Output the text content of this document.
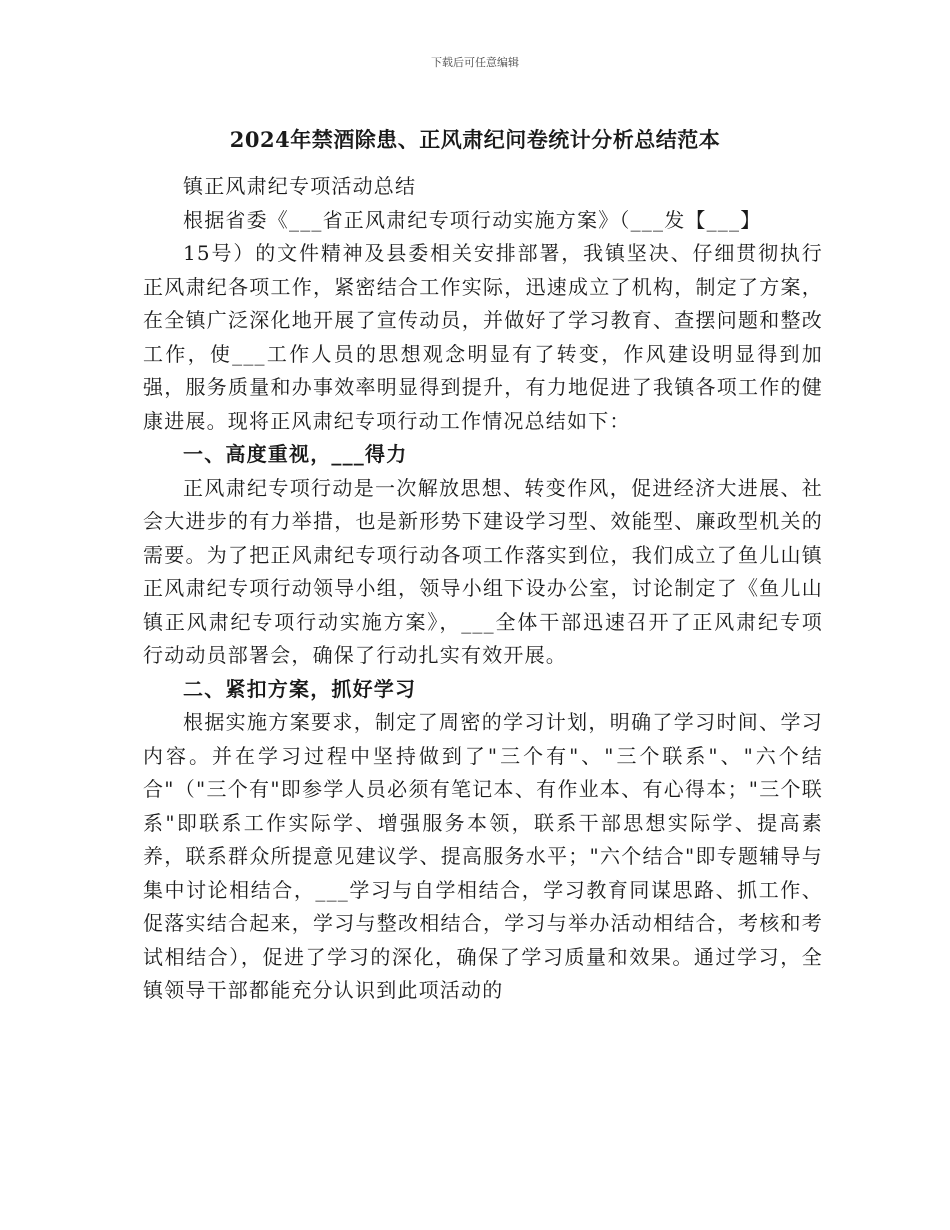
下载后可任意编辑
2024年禁酒除患、正风肃纪问卷统计分析总结范本

镇正风肃纪专项活动总结

根据省委《___省正风肃纪专项行动实施方案》（___发【___】

15号）的文件精神及县委相关安排部署，我镇坚决、仔细贯彻执行正风肃纪各项工作，紧密结合工作实际，迅速成立了机构，制定了方案，在全镇广泛深化地开展了宣传动员，并做好了学习教育、查摆问题和整改工作，使___工作人员的思想观念明显有了转变，作风建设明显得到加强，服务质量和办事效率明显得到提升，有力地促进了我镇各项工作的健康进展。现将正风肃纪专项行动工作情况总结如下：

一、高度重视，___得力

正风肃纪专项行动是一次解放思想、转变作风，促进经济大进展、社会大进步的有力举措，也是新形势下建设学习型、效能型、廉政型机关的需要。为了把正风肃纪专项行动各项工作落实到位，我们成立了鱼儿山镇正风肃纪专项行动领导小组，领导小组下设办公室，讨论制定了《鱼儿山镇正风肃纪专项行动实施方案》，___全体干部迅速召开了正风肃纪专项行动动员部署会，确保了行动扎实有效开展。

二、紧扣方案，抓好学习

根据实施方案要求，制定了周密的学习计划，明确了学习时间、学习内容。并在学习过程中坚持做到了"三个有"、"三个联系"、"六个结合"（"三个有"即参学人员必须有笔记本、有作业本、有心得本；"三个联系"即联系工作实际学、增强服务本领，联系干部思想实际学、提高素养，联系群众所提意见建议学、提高服务水平；"六个结合"即专题辅导与集中讨论相结合，___学习与自学相结合，学习教育同谋思路、抓工作、促落实结合起来，学习与整改相结合，学习与举办活动相结合，考核和考试相结合），促进了学习的深化，确保了学习质量和效果。通过学习，全镇领导干部都能充分认识到此项活动的
